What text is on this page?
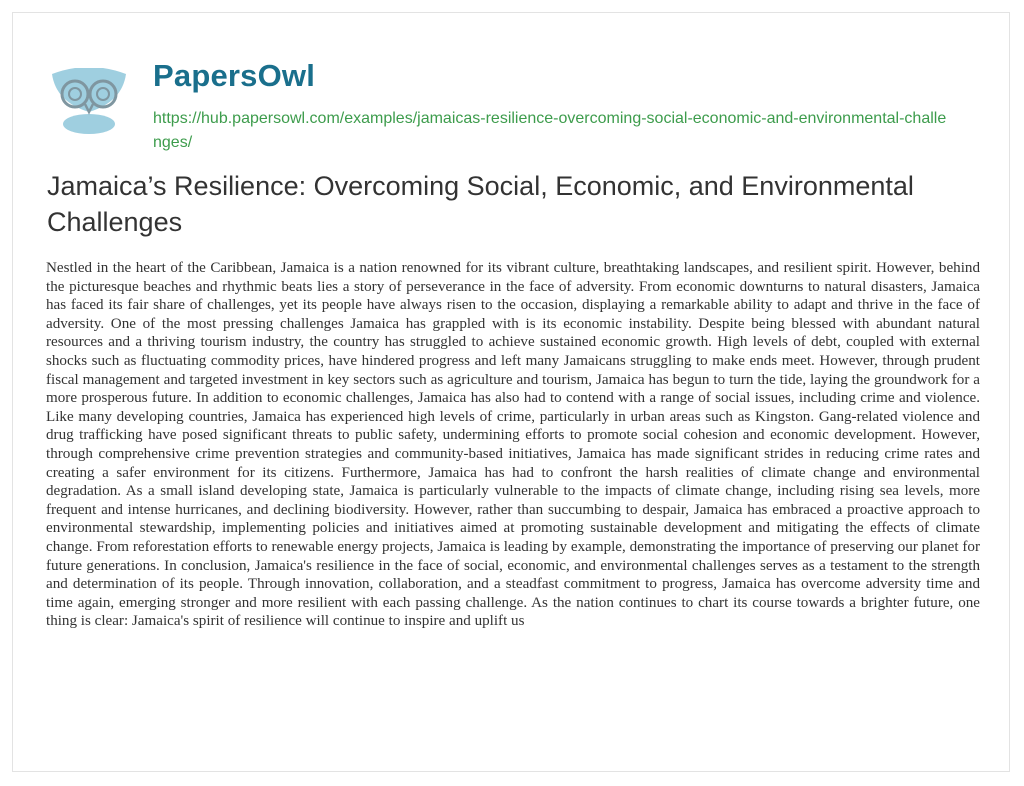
PapersOwl
https://hub.papersowl.com/examples/jamaicas-resilience-overcoming-social-economic-and-environmental-challenges/
Jamaica’s Resilience: Overcoming Social, Economic, and Environmental Challenges

Nestled in the heart of the Caribbean, Jamaica is a nation renowned for its vibrant culture, breathtaking landscapes, and resilient spirit. However, behind the picturesque beaches and rhythmic beats lies a story of perseverance in the face of adversity. From economic downturns to natural disasters, Jamaica has faced its fair share of challenges, yet its people have always risen to the occasion, displaying a remarkable ability to adapt and thrive in the face of adversity. One of the most pressing challenges Jamaica has grappled with is its economic instability. Despite being blessed with abundant natural resources and a thriving tourism industry, the country has struggled to achieve sustained economic growth. High levels of debt, coupled with external shocks such as fluctuating commodity prices, have hindered progress and left many Jamaicans struggling to make ends meet. However, through prudent fiscal management and targeted investment in key sectors such as agriculture and tourism, Jamaica has begun to turn the tide, laying the groundwork for a more prosperous future. In addition to economic challenges, Jamaica has also had to contend with a range of social issues, including crime and violence. Like many developing countries, Jamaica has experienced high levels of crime, particularly in urban areas such as Kingston. Gang-related violence and drug trafficking have posed significant threats to public safety, undermining efforts to promote social cohesion and economic development. However, through comprehensive crime prevention strategies and community-based initiatives, Jamaica has made significant strides in reducing crime rates and creating a safer environment for its citizens. Furthermore, Jamaica has had to confront the harsh realities of climate change and environmental degradation. As a small island developing state, Jamaica is particularly vulnerable to the impacts of climate change, including rising sea levels, more frequent and intense hurricanes, and declining biodiversity. However, rather than succumbing to despair, Jamaica has embraced a proactive approach to environmental stewardship, implementing policies and initiatives aimed at promoting sustainable development and mitigating the effects of climate change. From reforestation efforts to renewable energy projects, Jamaica is leading by example, demonstrating the importance of preserving our planet for future generations. In conclusion, Jamaica's resilience in the face of social, economic, and environmental challenges serves as a testament to the strength and determination of its people. Through innovation, collaboration, and a steadfast commitment to progress, Jamaica has overcome adversity time and time again, emerging stronger and more resilient with each passing challenge. As the nation continues to chart its course towards a brighter future, one thing is clear: Jamaica's spirit of resilience will continue to inspire and uplift us
